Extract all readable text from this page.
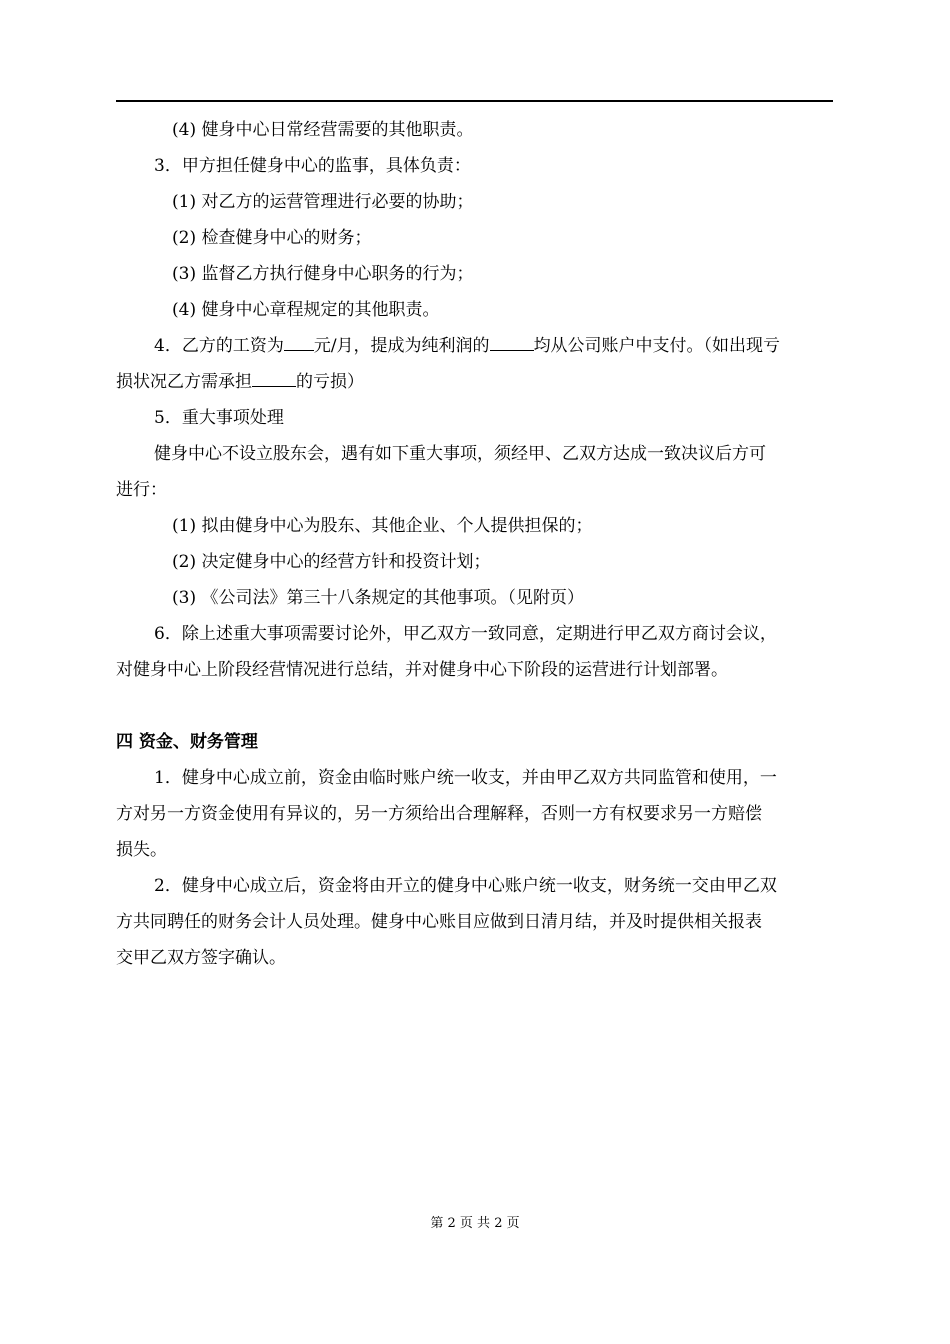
(4) 健身中心日常经营需要的其他职责。
3．甲方担任健身中心的监事，具体负责：
(1) 对乙方的运营管理进行必要的协助；
(2) 检查健身中心的财务；
(3) 监督乙方执行健身中心职务的行为；
(4) 健身中心章程规定的其他职责。
4．乙方的工资为 元/月，提成为纯利润的	均从公司账户中支付。（如出现亏
损状况乙方需承担	的亏损）
5．重大事项处理
健身中心不设立股东会，遇有如下重大事项，须经甲、乙双方达成一致决议后方可
进行：
(1) 拟由健身中心为股东、其他企业、个人提供担保的；
(2) 决定健身中心的经营方针和投资计划；
(3) 《公司法》第三十八条规定的其他事项。（见附页）
6．除上述重大事项需要讨论外，甲乙双方一致同意，定期进行甲乙双方商讨会议，
对健身中心上阶段经营情况进行总结，并对健身中心下阶段的运营进行计划部署。
四 资金、财务管理
1．健身中心成立前，资金由临时账户统一收支，并由甲乙双方共同监管和使用，一
方对另一方资金使用有异议的，另一方须给出合理解释，否则一方有权要求另一方赔偿
损失。
2．健身中心成立后，资金将由开立的健身中心账户统一收支，财务统一交由甲乙双
方共同聘任的财务会计人员处理。健身中心账目应做到日清月结，并及时提供相关报表
交甲乙双方签字确认。
第 2 页 共 2 页
